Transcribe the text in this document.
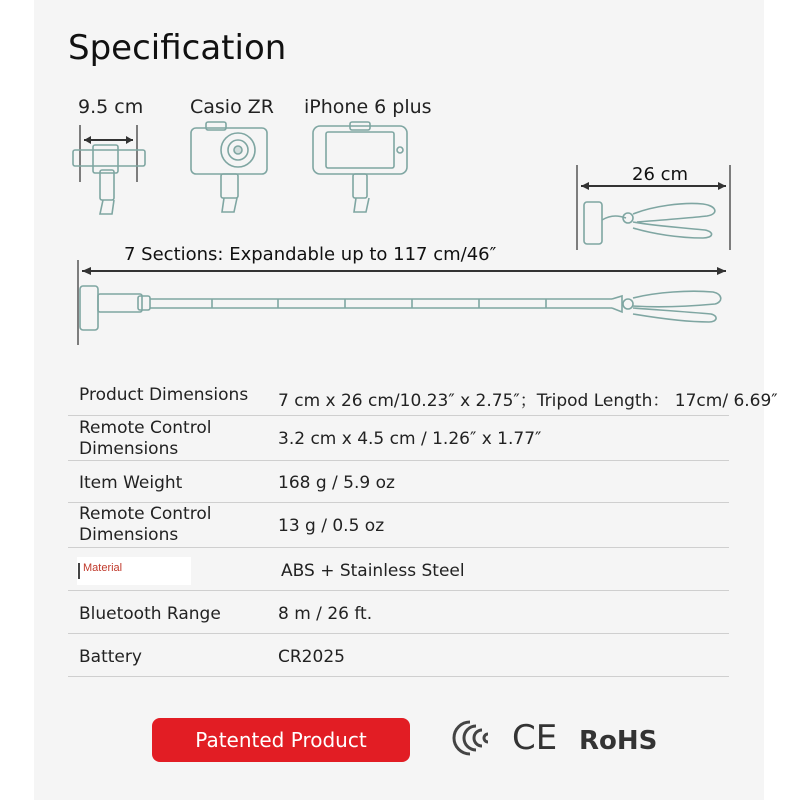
Specification
9.5 cm Casio ZR iPhone 6 plus
26 cm
7 Sections: Expandable up to 117 cm/46″
Product Dimensions 7 cm x 26 cm/10.23″ x 2.75″；Tripod Length： 17cm/ 6.69″
Remote Control
Dimensions	3.2 cm x 4.5 cm / 1.26″ x 1.77″
Item Weight	168 g / 5.9 oz
Remote Control
Dimensions	13 g / 0.5 oz
Material	ABS + Stainless Steel
Bluetooth Range	8 m / 26 ft.
Battery	CR2025
Patented Product	CE RoHS
